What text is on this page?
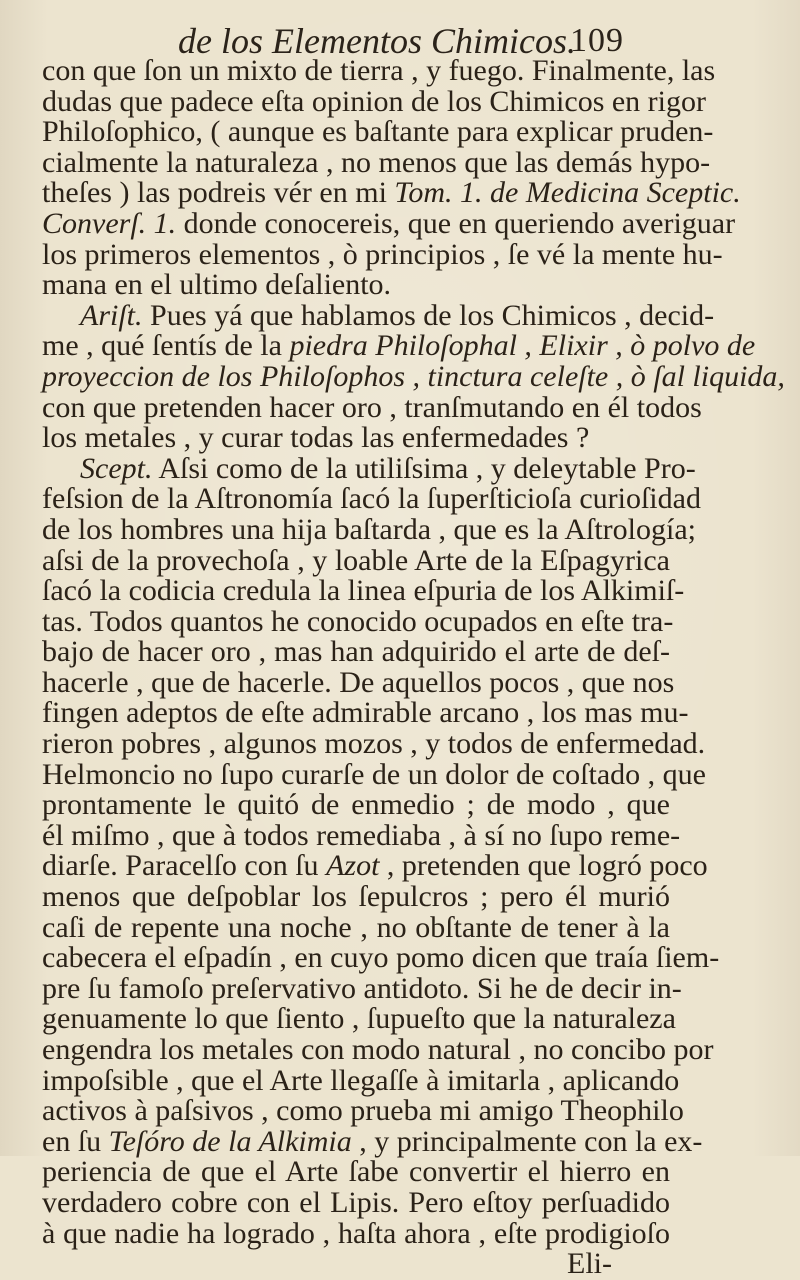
de los Elementos Chimicos.
109
con que ſon un mixto de tierra , y fuego. Finalmente, las
dudas que padece eſta opinion de los Chimicos en rigor
Philoſophico, ( aunque es baſtante para explicar pruden-
cialmente la naturaleza , no menos que las demás hypo-
theſes ) las podreis vér en mi Tom. 1. de Medicina Sceptic.
Converſ. 1. donde conocereis, que en queriendo averiguar
los primeros elementos , ò principios , ſe vé la mente hu-
mana en el ultimo deſaliento.
Ariſt. Pues yá que hablamos de los Chimicos , decid-
me , qué ſentís de la piedra Philoſophal , Elixir , ò polvo de
proyeccion de los Philoſophos , tinctura celeſte , ò ſal liquida,
con que pretenden hacer oro , tranſmutando en él todos
los metales , y curar todas las enfermedades ?
Scept. Aſsi como de la utiliſsima , y deleytable Pro-
feſsion de la Aſtronomía ſacó la ſuperſticioſa curioſidad
de los hombres una hija baſtarda , que es la Aſtrología;
aſsi de la provechoſa , y loable Arte de la Eſpagyrica
ſacó la codicia credula la linea eſpuria de los Alkimiſ-
tas. Todos quantos he conocido ocupados en eſte tra-
bajo de hacer oro , mas han adquirido el arte de deſ-
hacerle , que de hacerle. De aquellos pocos , que nos
fingen adeptos de eſte admirable arcano , los mas mu-
rieron pobres , algunos mozos , y todos de enfermedad.
Helmoncio no ſupo curarſe de un dolor de coſtado , que
prontamente le quitó de enmedio ; de modo , que
él miſmo , que à todos remediaba , à sí no ſupo reme-
diarſe. Paracelſo con ſu Azot , pretenden que logró poco
menos que deſpoblar los ſepulcros ; pero él murió
caſi de repente una noche , no obſtante de tener à la
cabecera el eſpadín , en cuyo pomo dicen que traía ſiem-
pre ſu famoſo preſervativo antidoto. Si he de decir in-
genuamente lo que ſiento , ſupueſto que la naturaleza
engendra los metales con modo natural , no concibo por
impoſsible , que el Arte llegaſſe à imitarla , aplicando
activos à paſsivos , como prueba mi amigo Theophilo
en ſu Teſóro de la Alkimia , y principalmente con la ex-
periencia de que el Arte ſabe convertir el hierro en
verdadero cobre con el Lipis. Pero eſtoy perſuadido
à que nadie ha logrado , haſta ahora , eſte prodigioſo
Eli-
